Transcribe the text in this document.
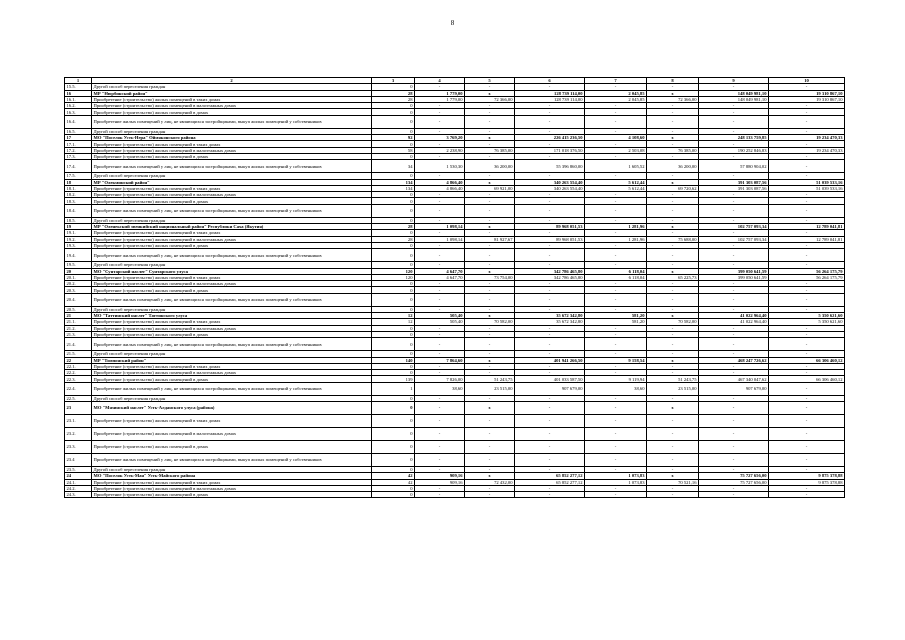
8
1	2	3	4	5	6	7	8	9	10
15.5.	Другой способ переселения граждан	0	-	-	-	-	-	-	-
16	МР "Нюрбинский район"	28	1 779,00	х	128 739 114,00	2 045,85	х	148 049 981,10	19 310 867,10
16.1.	Приобретение (строительство) жилых помещений в таких домах	28	1 779,00	72 366,00	128 739 114,00	2 045,85	72 366,00	148 049 981,10	19 310 867,10
16.2.	Приобретение (строительство) жилых помещений в малоэтажных домах	0	-	-	-	-	-	-	-
16.3.	Приобретение (строительство) жилых помещений в домах	0	-	-	-	-	-	-	-
16.4.	Приобретение жилых помещений у лиц, не являющихся застройщиками, выкуп жилых помещений у собственников	0	-	-	-	-	-	-	-
16.5.	Другой способ переселения граждан	0	-	-	-	-	-	-	-
17	МО "Поселок Усть-Нера" Оймяконского района	92	3 769,20	х	226 415 236,50	4 108,60	х	248 133 759,85	19 234 470,33
17.1.	Приобретение (строительство) жилых помещений в таких домах	0	-	-	-	-	-	-	-
17.2.	Приобретение (строительство) жилых помещений в малоэтажных домах	58	2 238,90	76 385,00	171 018 376,50	2 503,08	76 385,00	190 252 846,83	19 234 470,33
17.3.	Приобретение (строительство) жилых помещений в домах	0	-	-	-	-	-	-	-
17.4.	Приобретение жилых помещений у лиц, не являющихся застройщиками, выкуп жилых помещений у собственников	34	1 530,30	36 200,00	55 396 860,00	1 605,52	36 200,00	57 880 904,02	-
17.5.	Другой способ переселения граждан	0	-	-	-	-	-	-	-
18	МР "Олекминский район"	134	4 866,40	х	340 263 554,40	5 612,44	х	391 303 087,56	51 039 533,16
18.1.	Приобретение (строительство) жилых помещений в таких домах	134	4 866,40	69 921,00	340 263 554,40	5 612,44	69 720,62	391 303 087,56	51 039 533,16
18.2.	Приобретение (строительство) жилых помещений в малоэтажных домах	0	-	-	-	-	-	-	-
18.3.	Приобретение (строительство) жилых помещений в домах	0	-	-	-	-	-	-	-
18.4.	Приобретение жилых помещений у лиц, не являющихся застройщиками, выкуп жилых помещений у собственников	0	-	-	-	-	-	-	-
18.5.	Другой способ переселения граждан	0	-	-	-	-	-	-	-
19	МР "Оленекский эвенкийский национальный район" Республики Саха (Якутия)	28	1 098,14	х	89 968 051,53	1 281,96	х	102 757 093,34	12 789 041,81
19.1.	Приобретение (строительство) жилых помещений в таких домах	0	-	-	-	-	-	-	-
19.2.	Приобретение (строительство) жилых помещений в малоэтажных домах	28	1 098,14	81 927,67	89 968 051,53	1 281,96	75 688,00	102 757 093,34	12 789 041,81
19.3.	Приобретение (строительство) жилых помещений в домах	0	-	-	-	-	-	-	-
19.4.	Приобретение жилых помещений у лиц, не являющихся застройщиками, выкуп жилых помещений у собственников	0	-	-	-	-	-	-	-
19.5.	Другой способ переселения граждан	0	-	-	-	-	-	-	-
20	МО "Сунтарский наслег" Сунтарского улуса	120	4 647,70	х	342 786 465,80	6 118,04	х	399 050 641,59	56 264 175,79
20.1.	Приобретение (строительство) жилых помещений в таких домах	120	4 647,70	73 754,00	342 786 465,80	6 118,04	65 225,73	399 050 641,59	56 264 175,79
20.2.	Приобретение (строительство) жилых помещений в малоэтажных домах	0	-	-	-	-	-	-	-
20.3.	Приобретение (строительство) жилых помещений в домах	0	-	-	-	-	-	-	-
20.4.	Приобретение жилых помещений у лиц, не являющихся застройщиками, выкуп жилых помещений у собственников	0	-	-	-	-	-	-	-
20.5.	Другой способ переселения граждан	0	-	-	-	-	-	-	-
21	МО "Таттинский наслег" Таттинского улуса	12	505,40	х	35 672 342,80	581,20	х	41 022 964,40	5 350 621,60
21.1.	Приобретение (строительство) жилых помещений в таких домах	12	505,40	70 582,00	35 672 342,80	581,20	70 582,00	41 022 964,40	5 350 621,60
21.2.	Приобретение (строительство) жилых помещений в малоэтажных домах	0	-	-	-	-	-	-	-
21.3.	Приобретение (строительство) жилых помещений в домах	0	-	-	-	-	-	-	-
21.4.	Приобретение жилых помещений у лиц, не являющихся застройщиками, выкуп жилых помещений у собственников	0	-	-	-	-	-	-	-
21.5.	Другой способ переселения граждан	0	-	-	-	-	-	-	-
22	МР "Томпонский район"	140	7 864,60	х	401 941 266,50	9 158,54	х	468 247 726,62	66 306 460,12
22.1.	Приобретение (строительство) жилых помещений в таких домах	0	-	-	-	-	-	-	-
22.2.	Приобретение (строительство) жилых помещений в малоэтажных домах	0	-	-	-	-	-	-	-
22.3.	Приобретение (строительство) жилых помещений в домах	139	7 826,00	51 243,75	401 033 587,50	9 119,94	51 243,75	467 340 047,62	66 306 460,12
22.4.	Приобретение жилых помещений у лиц, не являющихся застройщиками, выкуп жилых помещений у собственников	1	38,60	23 515,00	907 679,00	38,60	23 515,00	907 679,00	-
22.5.	Другой способ переселения граждан	0	-	-	-	-	-	-	-
23	МО "Мязинский наслег" Усть-Алданского улуса (района)	0	-	х	-	-	х	-	-
23.1.	Приобретение (строительство) жилых помещений в таких домах	0	-	-	-	-	-	-	-
23.2.	Приобретение (строительство) жилых помещений в малоэтажных домах	0	-	-	-	-	-	-	-
23.3.	Приобретение (строительство) жилых помещений в домах	0	-	-	-	-	-	-	-
23.4	Приобретение жилых помещений у лиц, не являющихся застройщиками, выкуп жилых помещений у собственников	0	-	-	-	-	-	-	-
23.5.	Другой способ переселения граждан	0	-	-	-	-	-	-	-
24	МО "Поселок Усть-Мая" Усть-Майского района	42	909,16	х	65 852 277,12	1 073,83	х	75 727 656,00	9 875 378,88
24.1.	Приобретение (строительство) жилых помещений в таких домах	42	909,16	72 432,00	65 852 277,12	1 073,83	70 521,16	75 727 656,00	9 875 378,88
24.2.	Приобретение (строительство) жилых помещений в малоэтажных домах	0	-	-	-	-	-	-	-
24.3.	Приобретение (строительство) жилых помещений в домах	0	-	-	-	-	-	-	-
